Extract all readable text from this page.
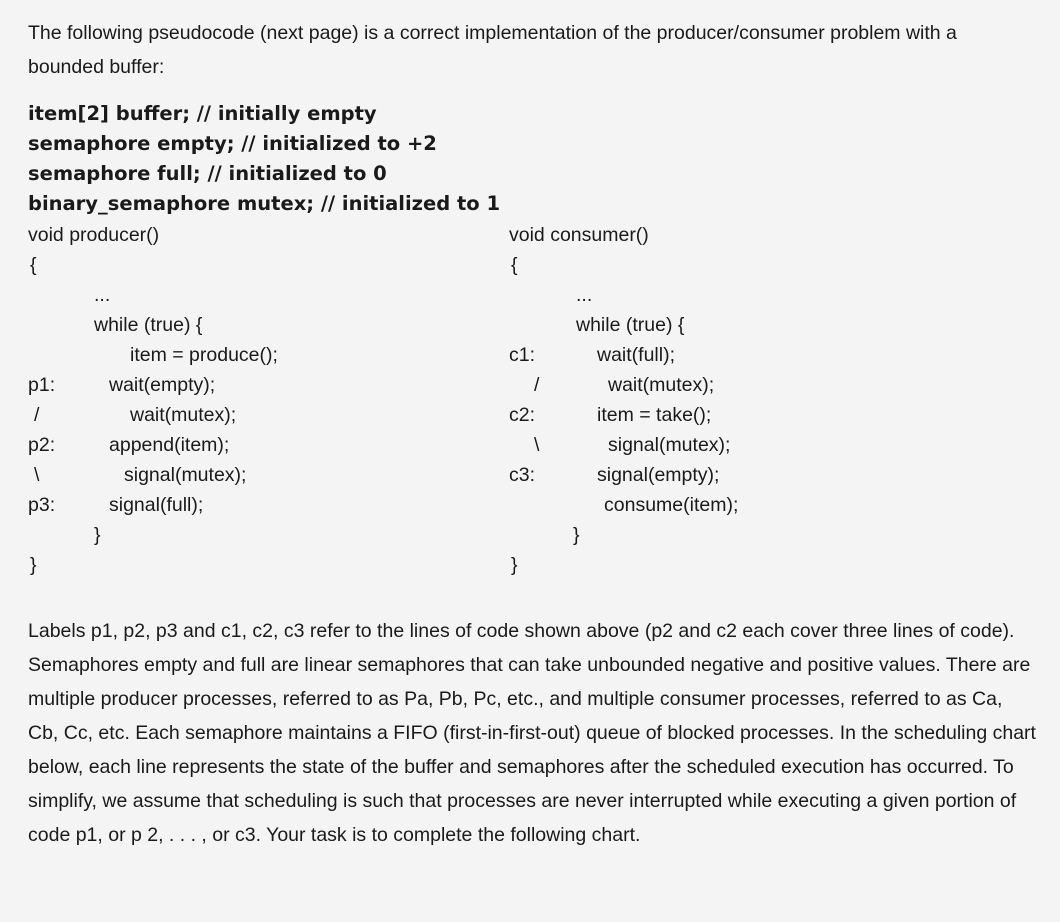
The following pseudocode (next page) is a correct implementation of the producer/consumer problem with a bounded buffer:
item[2] buffer; // initially empty
semaphore empty; // initialized to +2
semaphore full; // initialized to 0
binary_semaphore mutex; // initialized to 1
void producer()
{
...
while (true) {
item = produce();
p1:	wait(empty);
/	wait(mutex);
p2:	append(item);
\	signal(mutex);
p3:	signal(full);
}
}
void consumer()
{
...
while (true) {
c1:	wait(full);
/	wait(mutex);
c2:	item = take();
\	signal(mutex);
c3:	signal(empty);
consume(item);
}
}
Labels p1, p2, p3 and c1, c2, c3 refer to the lines of code shown above (p2 and c2 each cover three lines of code). Semaphores empty and full are linear semaphores that can take unbounded negative and positive values. There are multiple producer processes, referred to as Pa, Pb, Pc, etc., and multiple consumer processes, referred to as Ca, Cb, Cc, etc. Each semaphore maintains a FIFO (first-in-first-out) queue of blocked processes. In the scheduling chart below, each line represents the state of the buffer and semaphores after the scheduled execution has occurred. To simplify, we assume that scheduling is such that processes are never interrupted while executing a given portion of code p1, or p 2, . . . , or c3. Your task is to complete the following chart.
